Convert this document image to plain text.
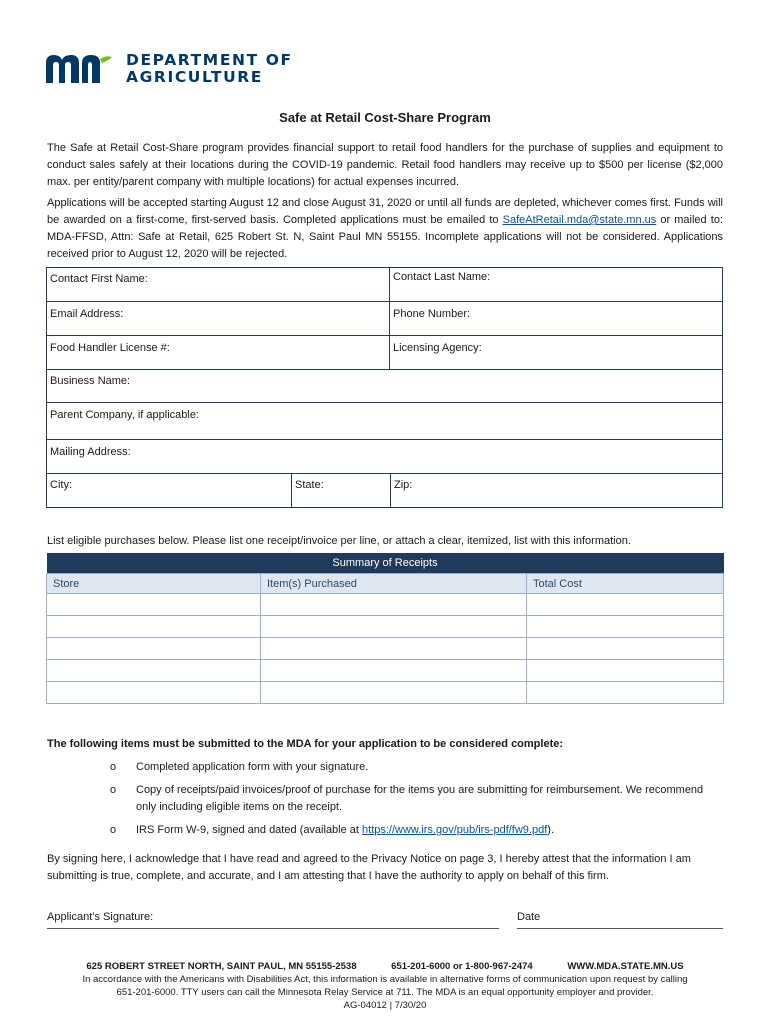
DEPARTMENT OF
AGRICULTURE
Safe at Retail Cost-Share Program

The Safe at Retail Cost-Share program provides financial support to retail food handlers for the purchase of supplies and equipment to conduct sales safely at their locations during the COVID-19 pandemic. Retail food handlers may receive up to $500 per license ($2,000 max. per entity/parent company with multiple locations) for actual expenses incurred.

Applications will be accepted starting August 12 and close August 31, 2020 or until all funds are depleted, whichever comes first. Funds will be awarded on a first-come, first-served basis. Completed applications must be emailed to SafeAtRetail.mda@state.mn.us or mailed to: MDA-FFSD, Attn: Safe at Retail, 625 Robert St. N, Saint Paul MN 55155. Incomplete applications will not be considered. Applications received prior to August 12, 2020 will be rejected.

Contact First Name:	Contact Last Name:
Email Address:	Phone Number:
Food Handler License #:	Licensing Agency:
Business Name:
Parent Company, if applicable:
Mailing Address:
City:	State:	Zip:
List eligible purchases below. Please list one receipt/invoice per line, or attach a clear, itemized, list with this information.
Summary of Receipts		
Store	Item(s) Purchased	Total Cost

The following items must be submitted to the MDA for your application to be considered complete:
o	Completed application form with your signature.
o	Copy of receipts/paid invoices/proof of purchase for the items you are submitting for reimbursement. We recommend only including eligible items on the receipt.
o	IRS Form W-9, signed and dated (available at https://www.irs.gov/pub/irs-pdf/fw9.pdf).
By signing here, I acknowledge that I have read and agreed to the Privacy Notice on page 3, I hereby attest that the information I am submitting is true, complete, and accurate, and I am attesting that I have the authority to apply on behalf of this firm.
Applicant’s Signature:	Date
625 ROBERT STREET NORTH, SAINT PAUL, MN 55155-2538	651-201-6000 or 1-800-967-2474	WWW.MDA.STATE.MN.US
In accordance with the Americans with Disabilities Act, this information is available in alternative forms of communication upon request by calling
651-201-6000. TTY users can call the Minnesota Relay Service at 711. The MDA is an equal opportunity employer and provider.
AG-04012 | 7/30/20
